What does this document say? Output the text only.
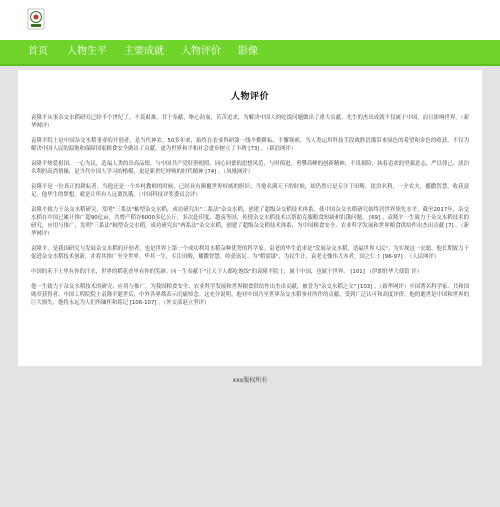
首页 人物生平 主要成就 人物评价 影像
人物评价

袁隆平从事杂交水稻研究已经半个世纪了，不畏艰难，甘于奉献，呕心沥血，苦苦追求，为解决中国人的吃饭问题做出了重大贡献。先生的杰出成就不仅属于中国，而且影响世界。（新华网评）

袁隆平院士是中国杂交水稻事业的开创者，是当代神农。50多年来，始终在农业科研第一线辛勤耕耘、不懈探索，为人类运用科技手段战胜饥饿带来绿色的希望和金色的收获。不仅为解决中国人民的温饱和保障国家粮食安全做出了贡献，更为世界和平和社会进步树立了丰碑 [73] 。（新浪网评）

袁隆平热爱祖国、一心为民，造福人类的崇高品德，与中国共产党肝胆相照、同心同德的思想风范，与时俱进、勇攀高峰的创新精神，不畏艰险、执着追求的坚强意志，严以律己、淡泊名利的高尚情操，是当代中国人学习的楷模，更是新世纪呼唤的时代精神 [74] 。（凤凰网评）

袁隆平是一位真正的耕耘者。当他还是一个乡村教师的时候，已经具有颠覆世界权威的胆识；当他名满天下的时候，却仍然只是专注于田畴。淡泊名利，一介农夫，播撒智慧，收获富足。他毕生的梦想，就是让所有人远离饥饿。（中国科技评奖委员会评）

袁隆平致力于杂交水稻研究，发明"三系法"籼型杂交水稻，成功研究出"二系法"杂交水稻，创建了超级杂交稻技术体系，使中国杂交水稻研究始终居世界领先水平。截至2017年，杂交水稻在中国已累计推广超90亿亩，共增产稻谷6000多亿公斤，多次赴印度、越南等国，传授杂交水稻技术以帮助克服粮食短缺和饥饿问题。 [69] 。袁隆平一生致力于杂交水稻技术的研究、应用与推广，发明"三系法"籼型杂交水稻，成功研究出"两系法"杂交水稻，创建了超级杂交稻技术体系，为中国粮食安全、农业科学发展和世界粮食供给作出杰出贡献 [7] 。（新华网评）

袁隆平，是我国研究与发展杂交水稻的开创者，也是世界上第一个成功利用水稻杂种优势的科学家。袁老的毕生追求是"发展杂交水稻，造福世界人民"。为实现这一宏愿，他长期致力于促进杂交水稻技术创新，并将其推广至全世界。毕其一生，专注田畴，播撒智慧，收获富足。为"稻梁谋"，为民生计，袁老无愧伟大本者，国之仁士 [96-97] 。（人民网评）

中国的禾下土里有你的汗水，世界的稻花香里有你的笑颜。向一生奉献于"让天下人都吃饱饭"的袁隆平院士，属于中国，也属于世界。 [101] （伊朗驻华大使馆 评）

他一生致力于杂交水稻技术的研究、应用与推广，为我国粮食安全、农业科学发展和世界粮食供给作出杰出贡献，被誉为"杂交水稻之父" [103] 。（新华网评）中国著名科学家、共和国勋章获得者、中国工程院院士袁隆平逝世后，中外各界都表示沉痛悼念。这充分说明，他对中国乃至世界杂交水稻事业所作的贡献，受到广泛认可和高度评价，他的逝世是中国和世界的巨大损失，他将永远为人们所缅怀和铭记 [106-107] 。（外交部赵立坚评）

xxx版权所有
